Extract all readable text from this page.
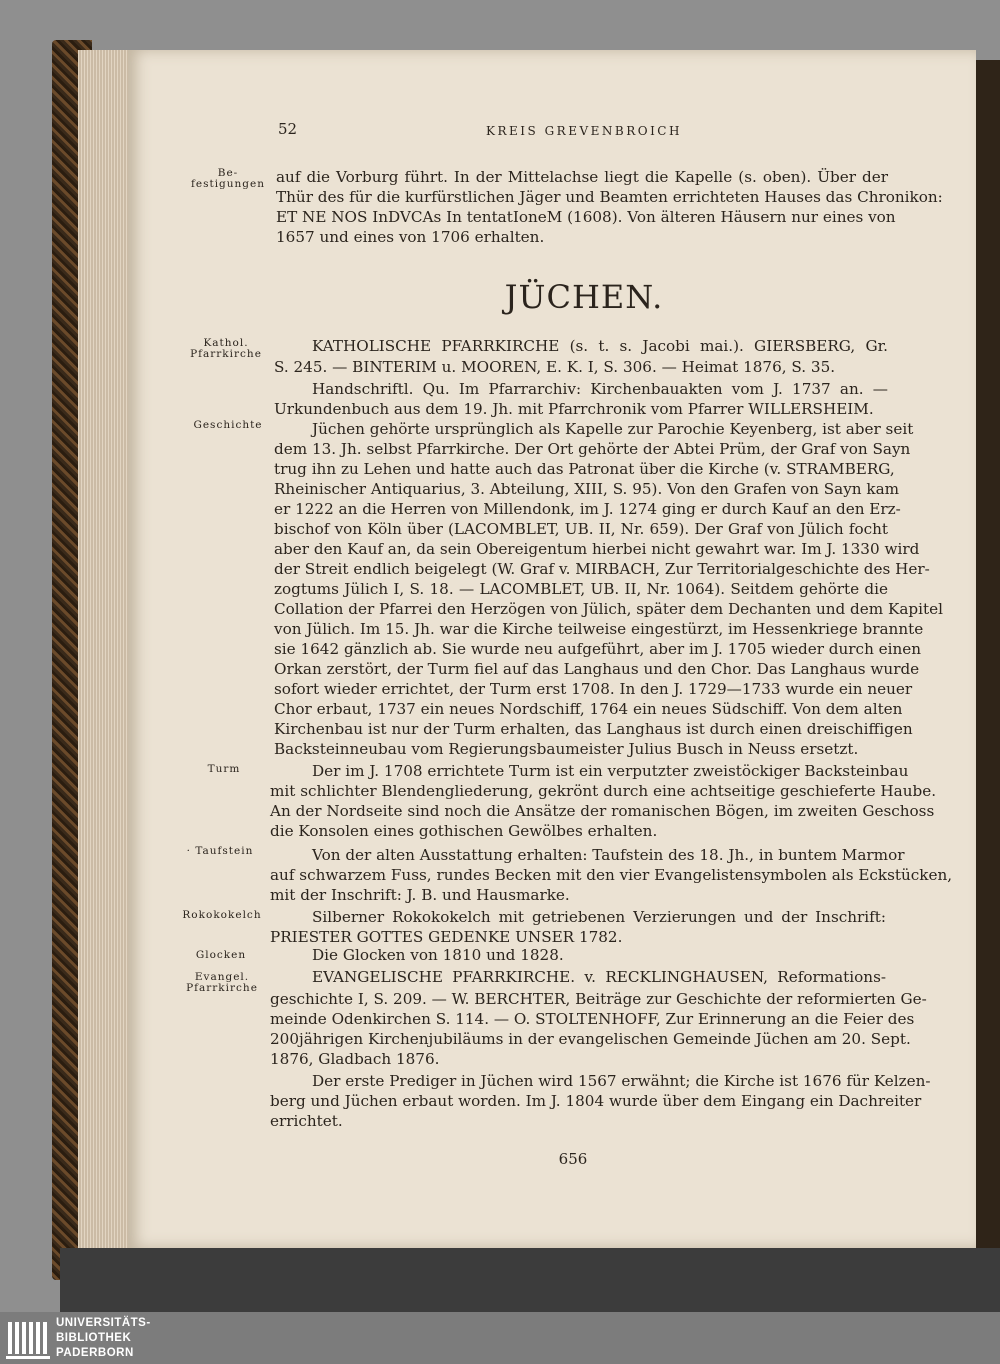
52	KREIS GREVENBROICH
JÜCHEN.
656
Be-
festigungen
Kathol.
Pfarrkirche
Geschichte
Turm
· Taufstein
Rokokokelch
Glocken
Evangel.
Pfarrkirche
auf die Vorburg führt. In der Mittelachse liegt die Kapelle (s. oben). Über der
Thür des für die kurfürstlichen Jäger und Beamten errichteten Hauses das Chronikon:
ET NE NOS InDVCAs In tentatIoneM (1608). Von älteren Häusern nur eines von
1657 und eines von 1706 erhalten.
KATHOLISCHE PFARRKIRCHE (s. t. s. Jacobi mai.). GIERSBERG, Gr.
S. 245. — BINTERIM u. MOOREN, E. K. I, S. 306. — Heimat 1876, S. 35.
Handschriftl. Qu. Im Pfarrarchiv: Kirchenbauakten vom J. 1737 an. —
Urkundenbuch aus dem 19. Jh. mit Pfarrchronik vom Pfarrer WILLERSHEIM.
Jüchen gehörte ursprünglich als Kapelle zur Parochie Keyenberg, ist aber seit
dem 13. Jh. selbst Pfarrkirche. Der Ort gehörte der Abtei Prüm, der Graf von Sayn
trug ihn zu Lehen und hatte auch das Patronat über die Kirche (v. STRAMBERG,
Rheinischer Antiquarius, 3. Abteilung, XIII, S. 95). Von den Grafen von Sayn kam
er 1222 an die Herren von Millendonk, im J. 1274 ging er durch Kauf an den Erz-
bischof von Köln über (LACOMBLET, UB. II, Nr. 659). Der Graf von Jülich focht
aber den Kauf an, da sein Obereigentum hierbei nicht gewahrt war. Im J. 1330 wird
der Streit endlich beigelegt (W. Graf v. MIRBACH, Zur Territorialgeschichte des Her-
zogtums Jülich I, S. 18. — LACOMBLET, UB. II, Nr. 1064). Seitdem gehörte die
Collation der Pfarrei den Herzögen von Jülich, später dem Dechanten und dem Kapitel
von Jülich. Im 15. Jh. war die Kirche teilweise eingestürzt, im Hessenkriege brannte
sie 1642 gänzlich ab. Sie wurde neu aufgeführt, aber im J. 1705 wieder durch einen
Orkan zerstört, der Turm fiel auf das Langhaus und den Chor. Das Langhaus wurde
sofort wieder errichtet, der Turm erst 1708. In den J. 1729—1733 wurde ein neuer
Chor erbaut, 1737 ein neues Nordschiff, 1764 ein neues Südschiff. Von dem alten
Kirchenbau ist nur der Turm erhalten, das Langhaus ist durch einen dreischiffigen
Backsteinneubau vom Regierungsbaumeister Julius Busch in Neuss ersetzt.
Der im J. 1708 errichtete Turm ist ein verputzter zweistöckiger Backsteinbau
mit schlichter Blendengliederung, gekrönt durch eine achtseitige geschieferte Haube.
An der Nordseite sind noch die Ansätze der romanischen Bögen, im zweiten Geschoss
die Konsolen eines gothischen Gewölbes erhalten.
Von der alten Ausstattung erhalten: Taufstein des 18. Jh., in buntem Marmor
auf schwarzem Fuss, rundes Becken mit den vier Evangelistensymbolen als Eckstücken,
mit der Inschrift: J. B. und Hausmarke.
Silberner Rokokokelch mit getriebenen Verzierungen und der Inschrift:
PRIESTER GOTTES GEDENKE UNSER 1782.
Die Glocken von 1810 und 1828.
EVANGELISCHE PFARRKIRCHE. v. RECKLINGHAUSEN, Reformations-
geschichte I, S. 209. — W. BERCHTER, Beiträge zur Geschichte der reformierten Ge-
meinde Odenkirchen S. 114. — O. STOLTENHOFF, Zur Erinnerung an die Feier des
200jährigen Kirchenjubiläums in der evangelischen Gemeinde Jüchen am 20. Sept.
1876, Gladbach 1876.
Der erste Prediger in Jüchen wird 1567 erwähnt; die Kirche ist 1676 für Kelzen-
berg und Jüchen erbaut worden. Im J. 1804 wurde über dem Eingang ein Dachreiter
errichtet.
UNIVERSITÄTS-
BIBLIOTHEK
PADERBORN
